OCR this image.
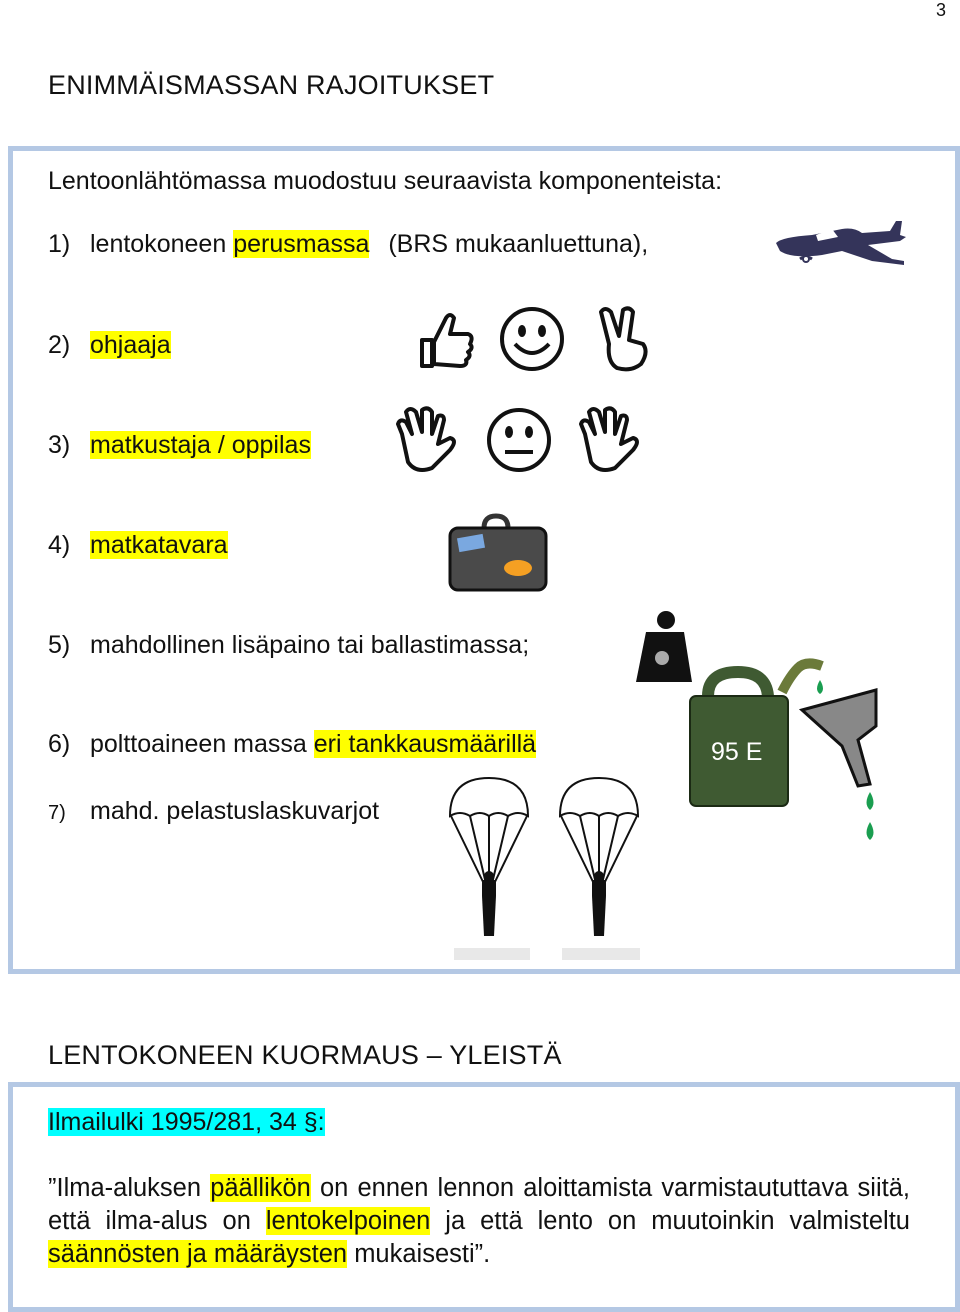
3
ENIMMÄISMASSAN RAJOITUKSET
Lentoonlähtömassa muodostuu seuraavista komponenteista:
1) lentokoneen perusmassa (BRS mukaanluettuna),
2) ohjaaja
3) matkustaja / oppilas
4) matkatavara
5) mahdollinen lisäpaino tai ballastimassa;
6) polttoaineen massa eri tankkausmäärillä
7) mahd. pelastuslaskuvarjot

95 E
LENTOKONEEN KUORMAUS – YLEISTÄ
Ilmailulki 1995/281, 34 §:
”Ilma-aluksen päällikön on ennen lennon aloittamista varmistaututtava siitä, että ilma-alus on lentokelpoinen ja että lento on muutoinkin valmisteltu säännösten ja määräysten mukaisesti”.
